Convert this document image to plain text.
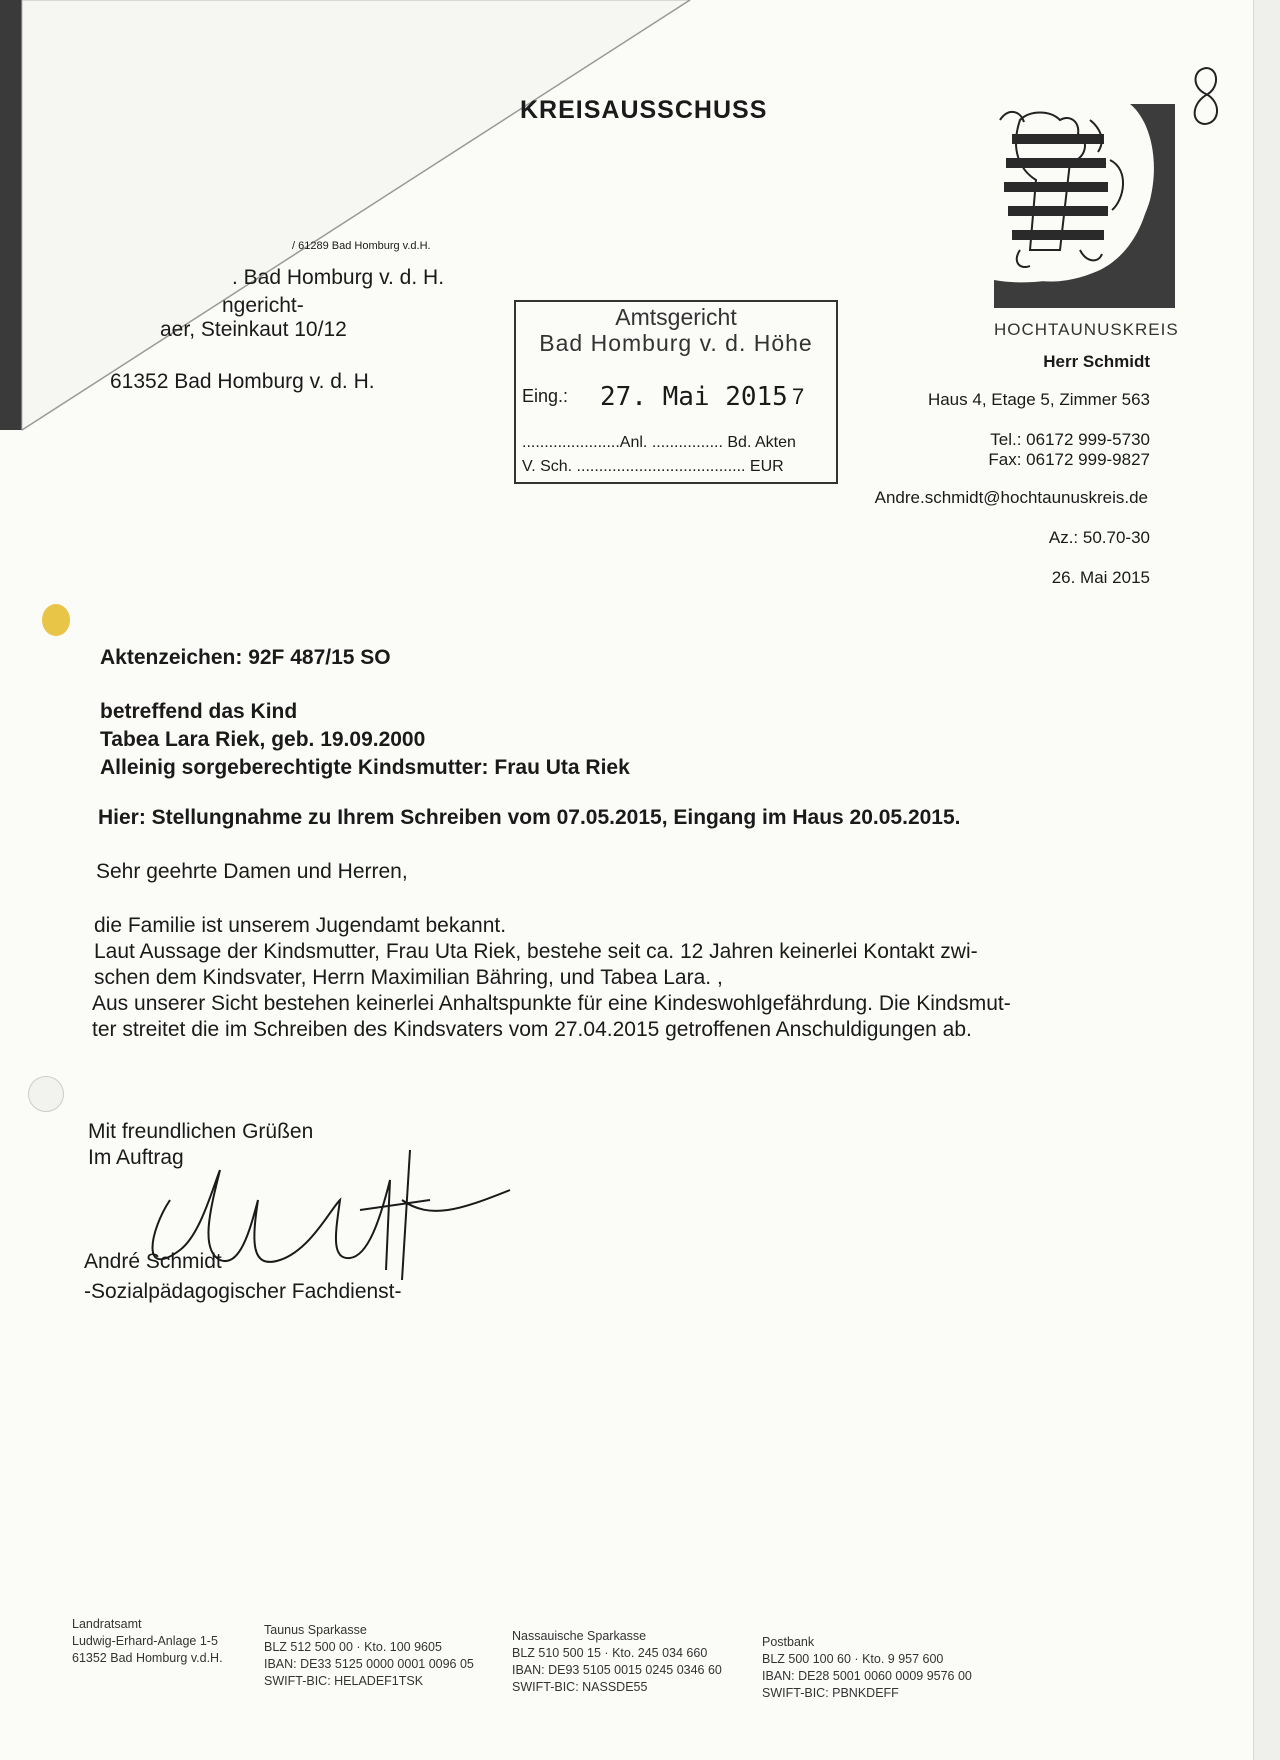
KREISAUSSCHUSS
/ 61289 Bad Homburg v.d.H.
. Bad Homburg v. d. H.
ngericht-
aer, Steinkaut 10/12
61352 Bad Homburg v. d. H.
HOCHTAUNUSKREIS
Herr Schmidt
Haus 4, Etage 5, Zimmer 563
Tel.: 06172 999-5730
Fax: 06172 999-9827
Andre.schmidt@hochtaunuskreis.de
Az.: 50.70-30
26. Mai 2015
Amtsgericht
Bad Homburg v. d. Höhe
Eing.: 27. Mai 2015 7
......................Anl. ................ Bd. Akten
V. Sch. ...................................... EUR
Aktenzeichen: 92F 487/15 SO
betreffend das Kind
Tabea Lara Riek, geb. 19.09.2000
Alleinig sorgeberechtigte Kindsmutter: Frau Uta Riek
Hier: Stellungnahme zu Ihrem Schreiben vom 07.05.2015, Eingang im Haus 20.05.2015.
Sehr geehrte Damen und Herren,
die Familie ist unserem Jugendamt bekannt.
Laut Aussage der Kindsmutter, Frau Uta Riek, bestehe seit ca. 12 Jahren keinerlei Kontakt zwi-
schen dem Kindsvater, Herrn Maximilian Bähring, und Tabea Lara. ,
Aus unserer Sicht bestehen keinerlei Anhaltspunkte für eine Kindeswohlgefährdung. Die Kindsmut-
ter streitet die im Schreiben des Kindsvaters vom 27.04.2015 getroffenen Anschuldigungen ab.
Mit freundlichen Grüßen
Im Auftrag
André Schmidt
-Sozialpädagogischer Fachdienst-
Landratsamt
Ludwig-Erhard-Anlage 1-5
61352 Bad Homburg v.d.H.
Taunus Sparkasse
BLZ 512 500 00 · Kto. 100 9605
IBAN: DE33 5125 0000 0001 0096 05
SWIFT-BIC: HELADEF1TSK
Nassauische Sparkasse
BLZ 510 500 15 · Kto. 245 034 660
IBAN: DE93 5105 0015 0245 0346 60
SWIFT-BIC: NASSDE55
Postbank
BLZ 500 100 60 · Kto. 9 957 600
IBAN: DE28 5001 0060 0009 9576 00
SWIFT-BIC: PBNKDEFF
